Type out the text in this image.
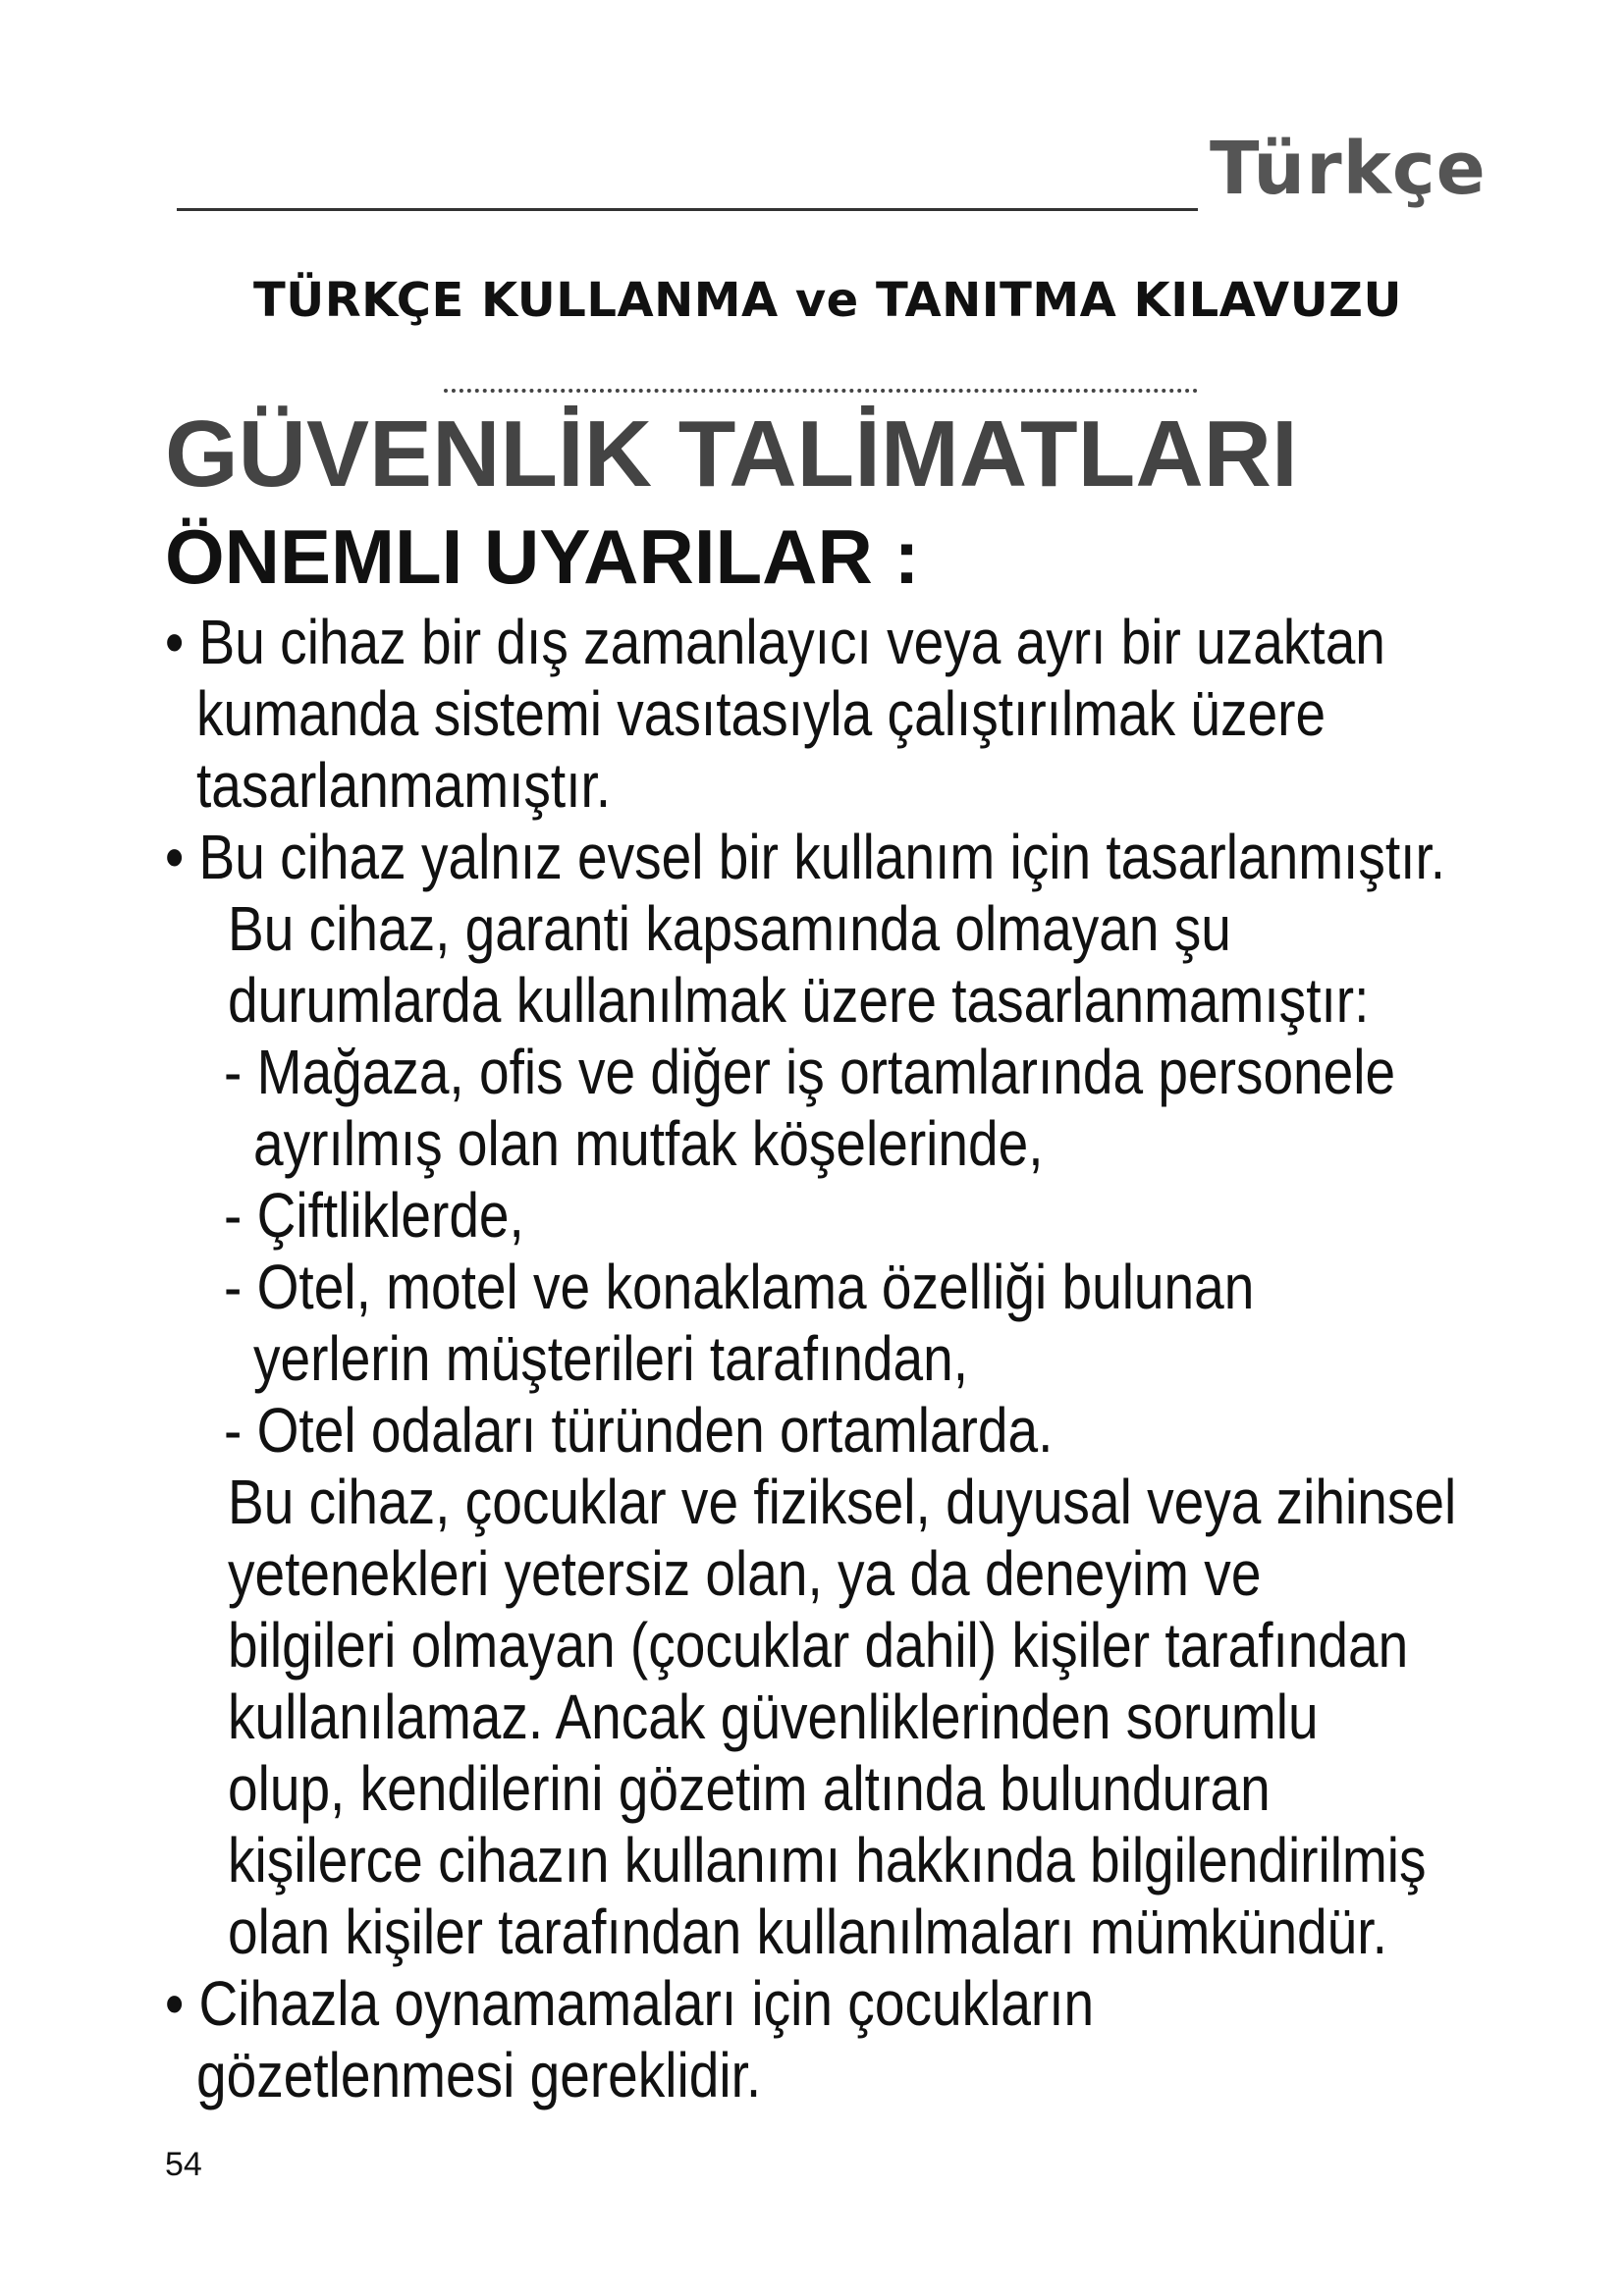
Türkçe
TÜRKÇE KULLANMA ve TANITMA KILAVUZU
GÜVENLİK TALİMATLARI
ÖNEMLI UYARILAR :
• Bu cihaz bir dış zamanlayıcı veya ayrı bir uzaktan
kumanda sistemi vasıtasıyla çalıştırılmak üzere
tasarlanmamıştır.
• Bu cihaz yalnız evsel bir kullanım için tasarlanmıştır.
Bu cihaz, garanti kapsamında olmayan şu
durumlarda kullanılmak üzere tasarlanmamıştır:
- Mağaza, ofis ve diğer iş ortamlarında personele
ayrılmış olan mutfak köşelerinde,
- Çiftliklerde,
- Otel, motel ve konaklama özelliği bulunan
yerlerin müşterileri tarafından,
- Otel odaları türünden ortamlarda.
Bu cihaz, çocuklar ve fiziksel, duyusal veya zihinsel
yetenekleri yetersiz olan, ya da deneyim ve
bilgileri olmayan (çocuklar dahil) kişiler tarafından
kullanılamaz. Ancak güvenliklerinden sorumlu
olup, kendilerini gözetim altında bulunduran
kişilerce cihazın kullanımı hakkında bilgilendirilmiş
olan kişiler tarafından kullanılmaları mümkündür.
• Cihazla oynamamaları için çocukların
gözetlenmesi gereklidir.
54
